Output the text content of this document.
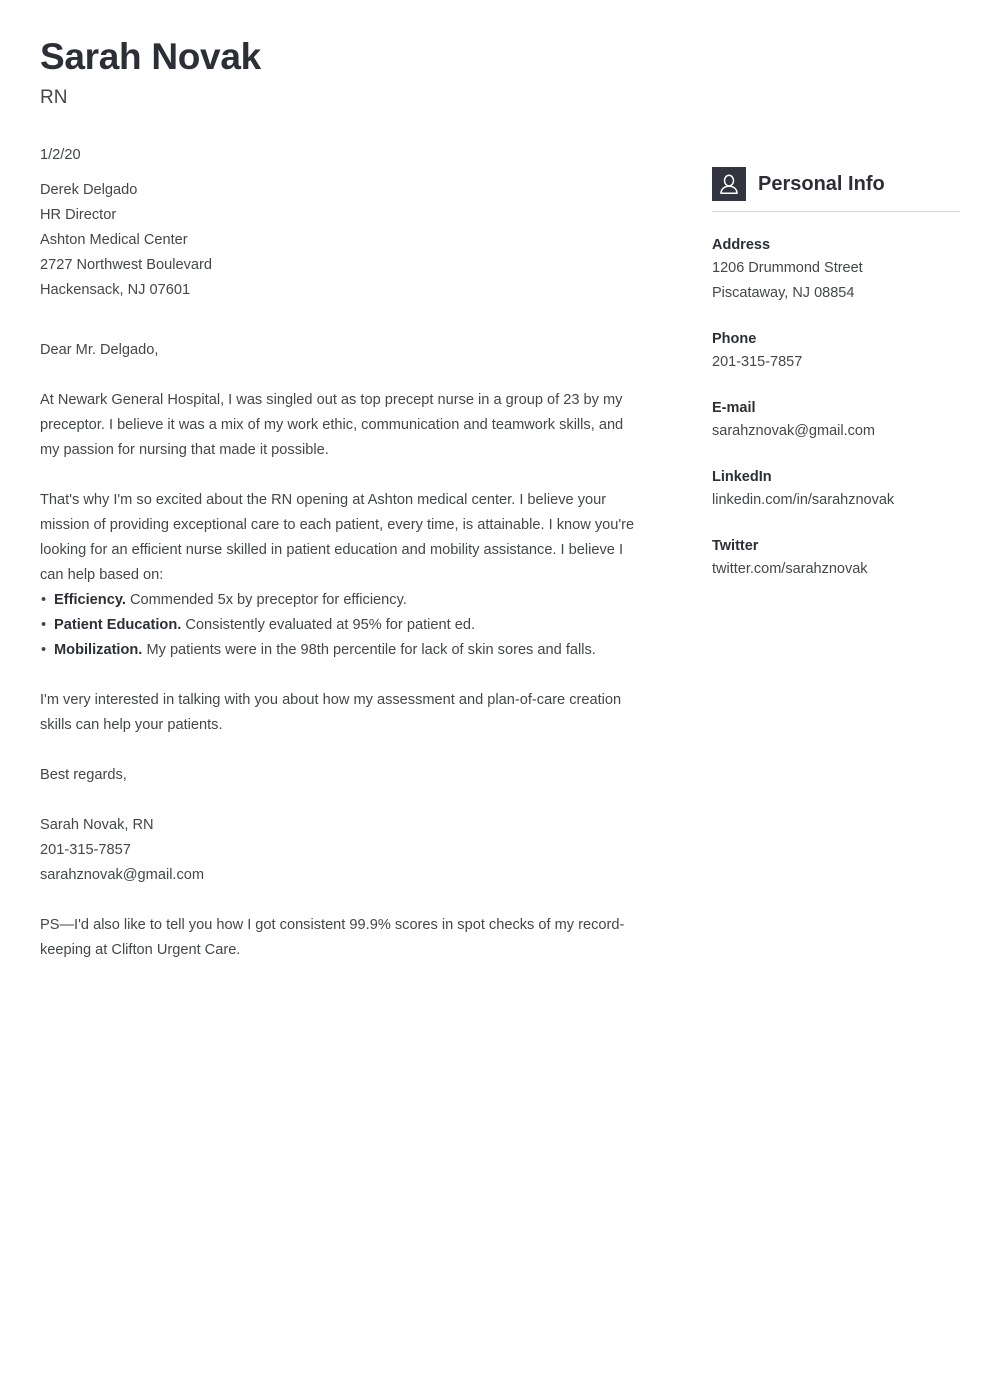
Sarah Novak
RN

1/2/20

Derek Delgado

HR Director

Ashton Medical Center

2727 Northwest Boulevard

Hackensack, NJ 07601

Dear Mr. Delgado,

At Newark General Hospital, I was singled out as top precept nurse in a group of 23 by my preceptor. I believe it was a mix of my work ethic, communication and teamwork skills, and my passion for nursing that made it possible.

That's why I'm so excited about the RN opening at Ashton medical center. I believe your mission of providing exceptional care to each patient, every time, is attainable. I know you're looking for an efficient nurse skilled in patient education and mobility assistance. I believe I can help based on:

• Efficiency. Commended 5x by preceptor for efficiency.
• Patient Education. Consistently evaluated at 95% for patient ed.
• Mobilization. My patients were in the 98th percentile for lack of skin sores and falls.

I'm very interested in talking with you about how my assessment and plan-of-care creation skills can help your patients.

Best regards,

Sarah Novak, RN

201-315-7857

sarahznovak@gmail.com

PS—I'd also like to tell you how I got consistent 99.9% scores in spot checks of my record-keeping at Clifton Urgent Care.

Personal Info

Address

1206 Drummond Street

Piscataway, NJ 08854

Phone

201-315-7857

E-mail

sarahznovak@gmail.com

LinkedIn

linkedin.com/in/sarahznovak

Twitter

twitter.com/sarahznovak
